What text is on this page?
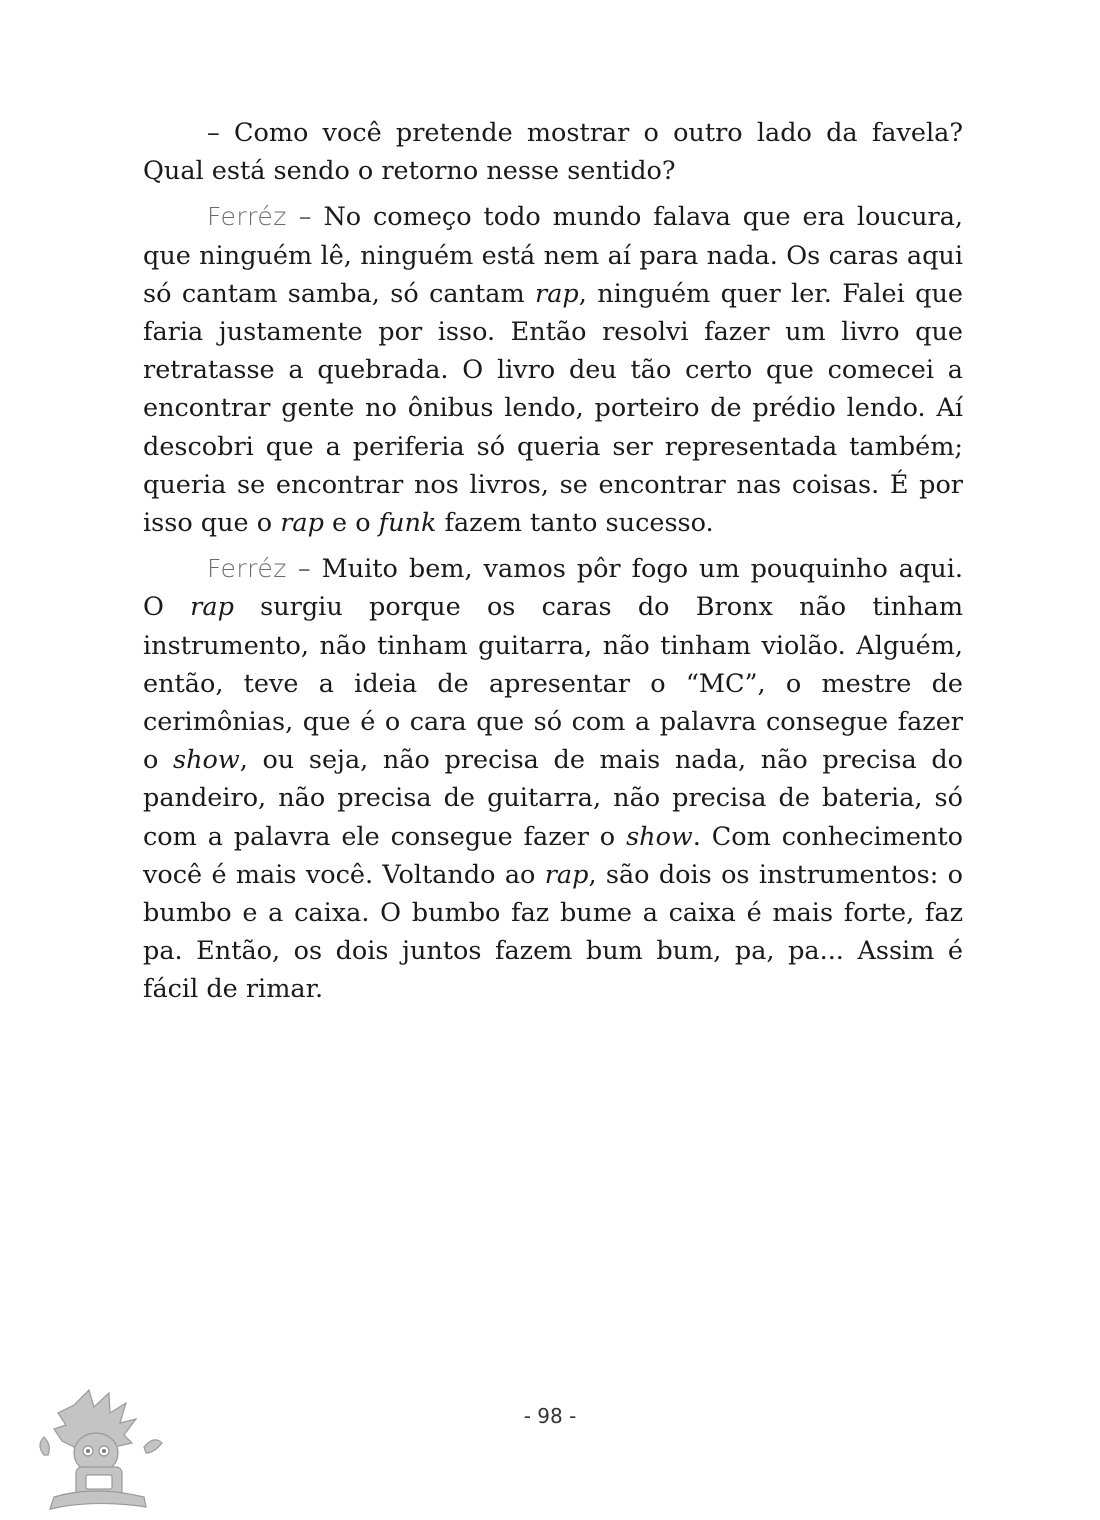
– Como você pretende mostrar o outro lado da favela? Qual está sendo o retorno nesse sentido?

Ferréz – No começo todo mundo falava que era loucura, que ninguém lê, ninguém está nem aí para nada. Os caras aqui só cantam samba, só cantam rap, ninguém quer ler. Falei que faria justamente por isso. Então resolvi fazer um livro que retratasse a quebrada. O livro deu tão certo que comecei a encontrar gente no ônibus lendo, porteiro de prédio lendo. Aí descobri que a periferia só queria ser representada também; queria se encontrar nos livros, se encontrar nas coisas. É por isso que o rap e o funk fazem tanto sucesso.

Ferréz – Muito bem, vamos pôr fogo um pouquinho aqui. O rap surgiu porque os caras do Bronx não tinham instrumento, não tinham guitarra, não tinham violão. Alguém, então, teve a ideia de apresentar o “MC”, o mestre de cerimônias, que é o cara que só com a palavra consegue fazer o show, ou seja, não precisa de mais nada, não precisa do pandeiro, não precisa de guitarra, não precisa de bateria, só com a palavra ele consegue fazer o show. Com conhecimento você é mais você. Voltando ao rap, são dois os instrumentos: o bumbo e a caixa. O bumbo faz bume a caixa é mais forte, faz pa. Então, os dois juntos fazem bum bum, pa, pa... Assim é fácil de rimar.

- 98 -
